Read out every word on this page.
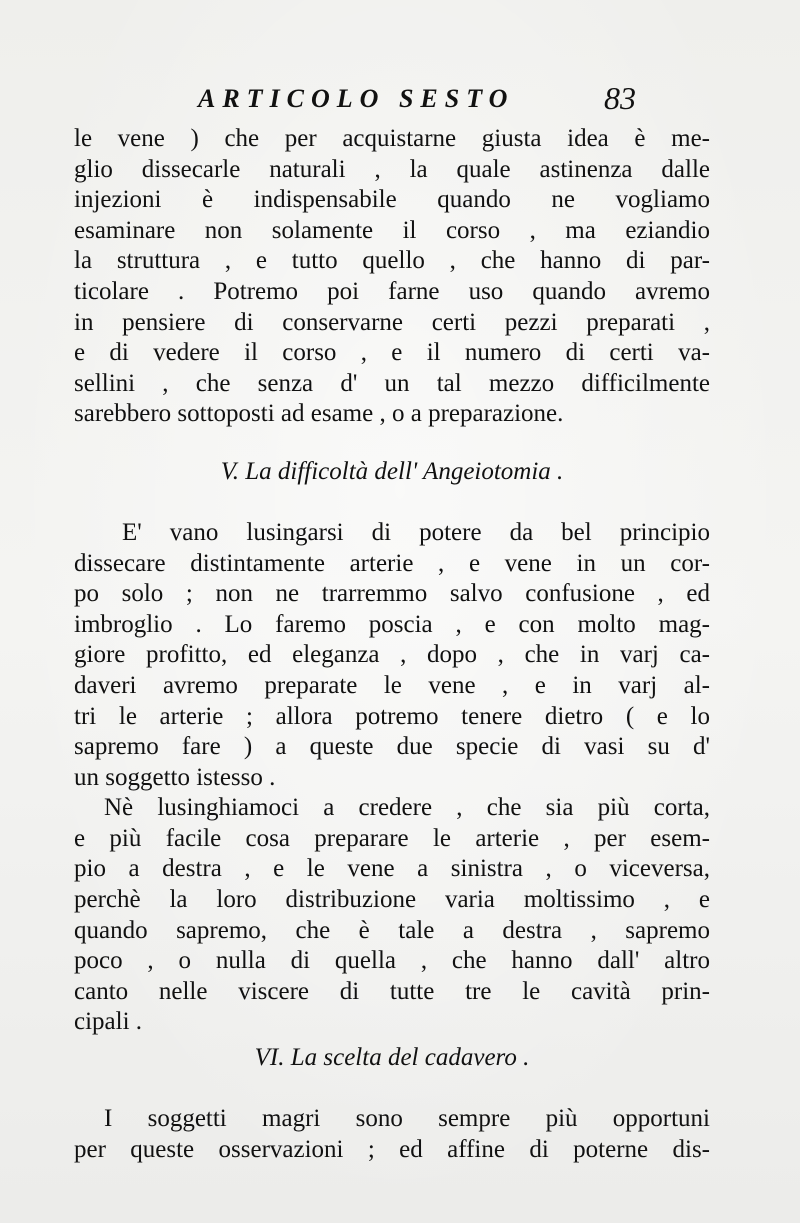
ARTICOLO SESTO	83
le vene ) che per acquistarne giusta idea è me-
glio dissecarle naturali , la quale astinenza dalle
injezioni è indispensabile quando ne vogliamo
esaminare non solamente il corso , ma eziandio
la struttura , e tutto quello , che hanno di par-
ticolare . Potremo poi farne uso quando avremo
in pensiere di conservarne certi pezzi preparati ,
e di vedere il corso , e il numero di certi va-
sellini , che senza d' un tal mezzo difficilmente
sarebbero sottoposti ad esame , o a preparazione.
V. La difficoltà dell' Angeiotomia .
E' vano lusingarsi di potere da bel principio
dissecare distintamente arterie , e vene in un cor-
po solo ; non ne trarremmo salvo confusione , ed
imbroglio . Lo faremo poscia , e con molto mag-
giore profitto, ed eleganza , dopo , che in varj ca-
daveri avremo preparate le vene , e in varj al-
tri le arterie ; allora potremo tenere dietro ( e lo
sapremo fare ) a queste due specie di vasi su d'
un soggetto istesso .
Nè lusinghiamoci a credere , che sia più corta,
e più facile cosa preparare le arterie , per esem-
pio a destra , e le vene a sinistra , o viceversa,
perchè la loro distribuzione varia moltissimo , e
quando sapremo, che è tale a destra , sapremo
poco , o nulla di quella , che hanno dall' altro
canto nelle viscere di tutte tre le cavità prin-
cipali .
VI. La scelta del cadavero .
I soggetti magri sono sempre più opportuni
per queste osservazioni ; ed affine di poterne dis-
